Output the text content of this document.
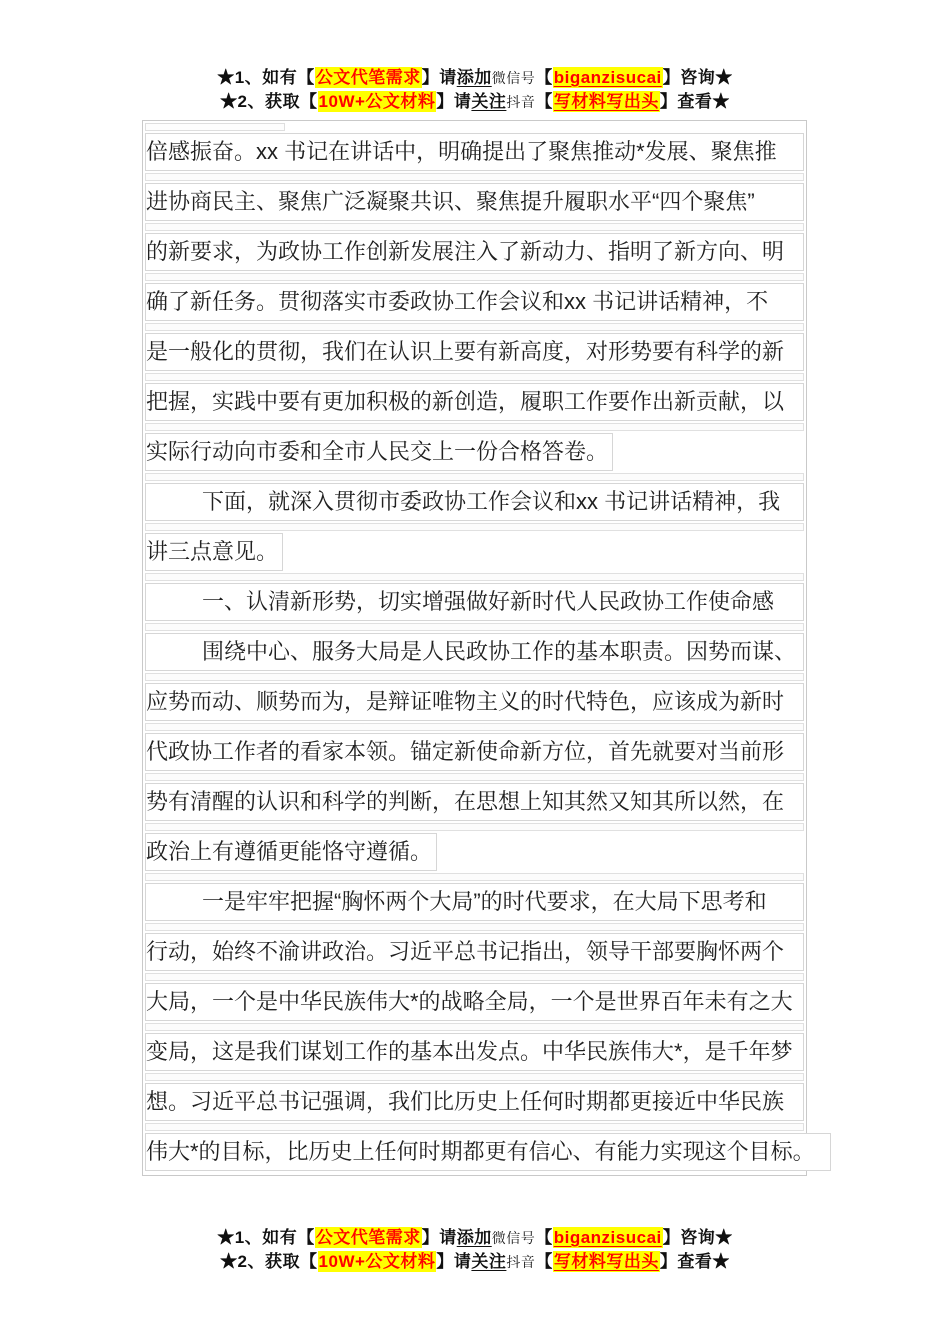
★1、如有【公文代笔需求】请添加微信号【biganzisucai】咨询★
★2、获取【10W+公文材料】请关注抖音【写材料写出头】查看★
倍感振奋。xx 书记在讲话中，明确提出了聚焦推动*发展、聚焦推
进协商民主、聚焦广泛凝聚共识、聚焦提升履职水平“四个聚焦”
的新要求，为政协工作创新发展注入了新动力、指明了新方向、明
确了新任务。贯彻落实市委政协工作会议和xx 书记讲话精神，不
是一般化的贯彻，我们在认识上要有新高度，对形势要有科学的新
把握，实践中要有更加积极的新创造，履职工作要作出新贡献，以
实际行动向市委和全市人民交上一份合格答卷。
下面，就深入贯彻市委政协工作会议和xx 书记讲话精神，我
讲三点意见。
一、认清新形势，切实增强做好新时代人民政协工作使命感
围绕中心、服务大局是人民政协工作的基本职责。因势而谋、
应势而动、顺势而为，是辩证唯物主义的时代特色，应该成为新时
代政协工作者的看家本领。锚定新使命新方位，首先就要对当前形
势有清醒的认识和科学的判断，在思想上知其然又知其所以然，在
政治上有遵循更能恪守遵循。
一是牢牢把握“胸怀两个大局”的时代要求，在大局下思考和
行动，始终不渝讲政治。习近平总书记指出，领导干部要胸怀两个
大局，一个是中华民族伟大*的战略全局，一个是世界百年未有之大
变局，这是我们谋划工作的基本出发点。中华民族伟大*，是千年梦
想。习近平总书记强调，我们比历史上任何时期都更接近中华民族
伟大*的目标，比历史上任何时期都更有信心、有能力实现这个目标。
★1、如有【公文代笔需求】请添加微信号【biganzisucai】咨询★
★2、获取【10W+公文材料】请关注抖音【写材料写出头】查看★
